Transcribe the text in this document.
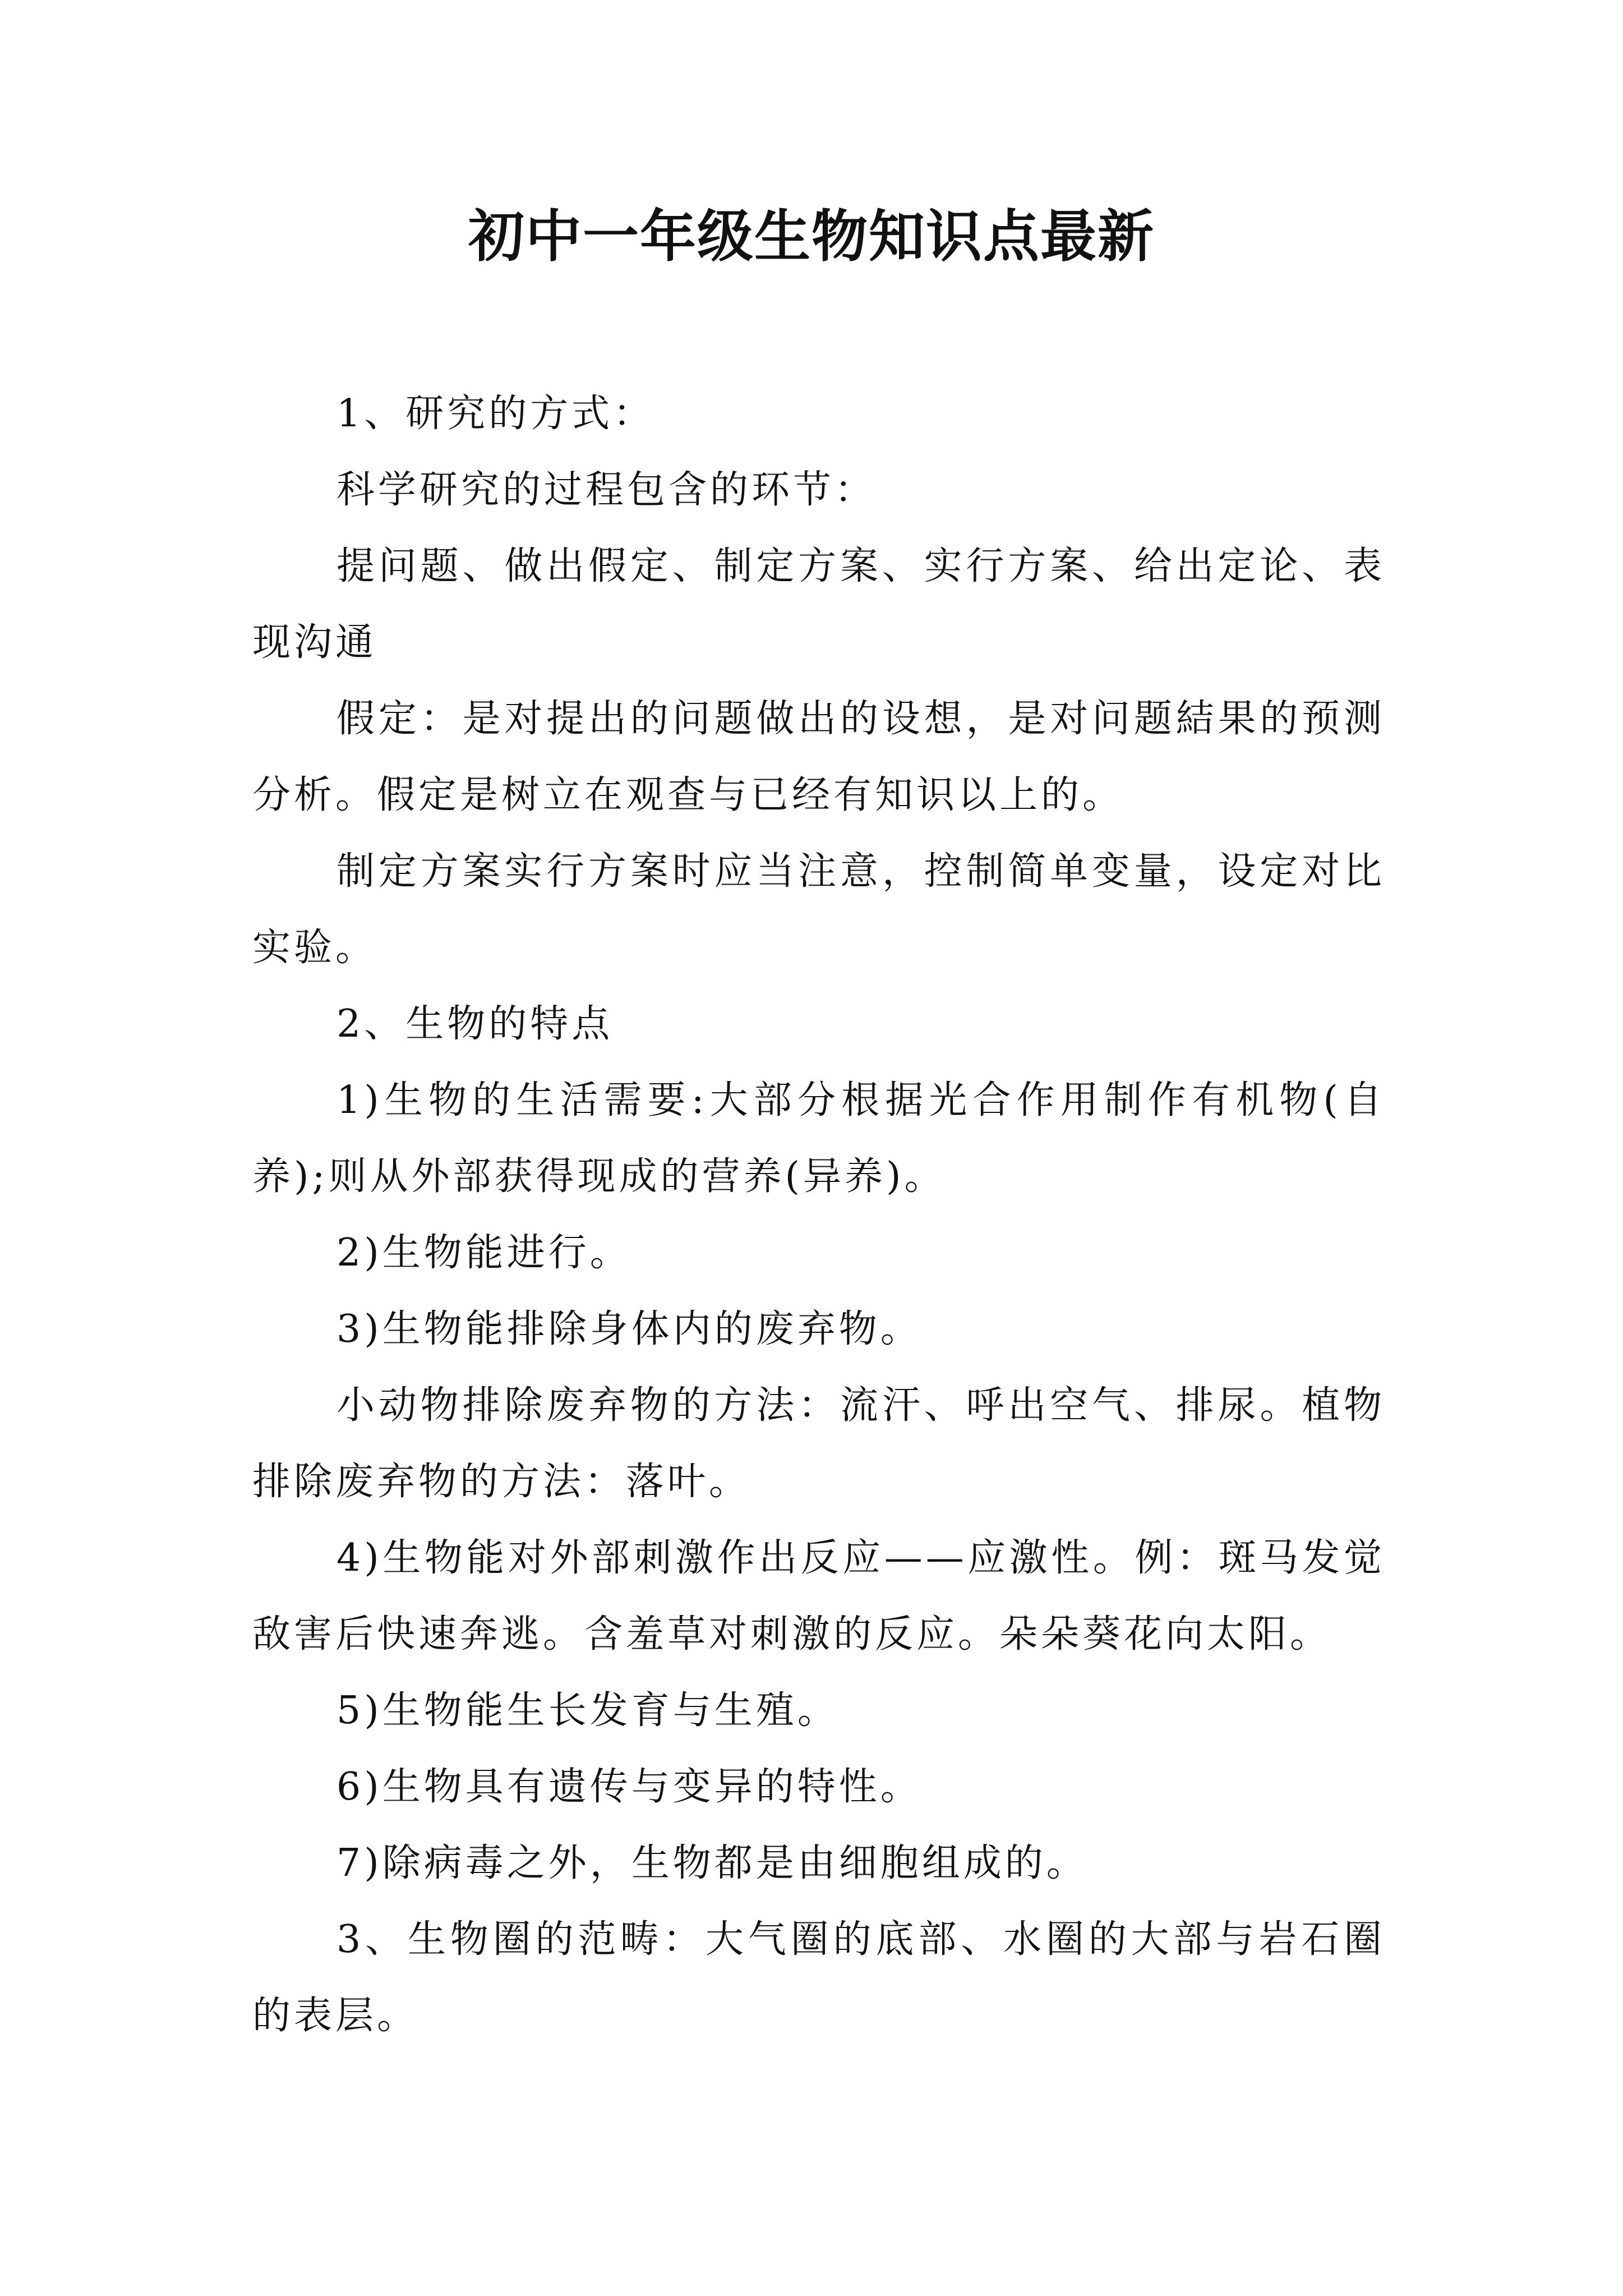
初中一年级生物知识点最新

1、研究的方式：

科学研究的过程包含的环节：

提问题、做出假定、制定方案、实行方案、给出定论、表现沟通

假定：是对提出的问题做出的设想，是对问题結果的预测分析。假定是树立在观查与已经有知识以上的。

制定方案实行方案时应当注意，控制简单变量，设定对比实验。

2、生物的特点

1)生物的生活需要:大部分根据光合作用制作有机物(自养);则从外部获得现成的营养(异养)。

2)生物能进行。

3)生物能排除身体内的废弃物。

小动物排除废弃物的方法：流汗、呼出空气、排尿。植物排除废弃物的方法：落叶。

4)生物能对外部刺激作出反应——应激性。例：斑马发觉敌害后快速奔逃。含羞草对刺激的反应。朵朵葵花向太阳。

5)生物能生长发育与生殖。

6)生物具有遗传与变异的特性。

7)除病毒之外，生物都是由细胞组成的。

3、生物圈的范畴：大气圈的底部、水圈的大部与岩石圈的表层。
